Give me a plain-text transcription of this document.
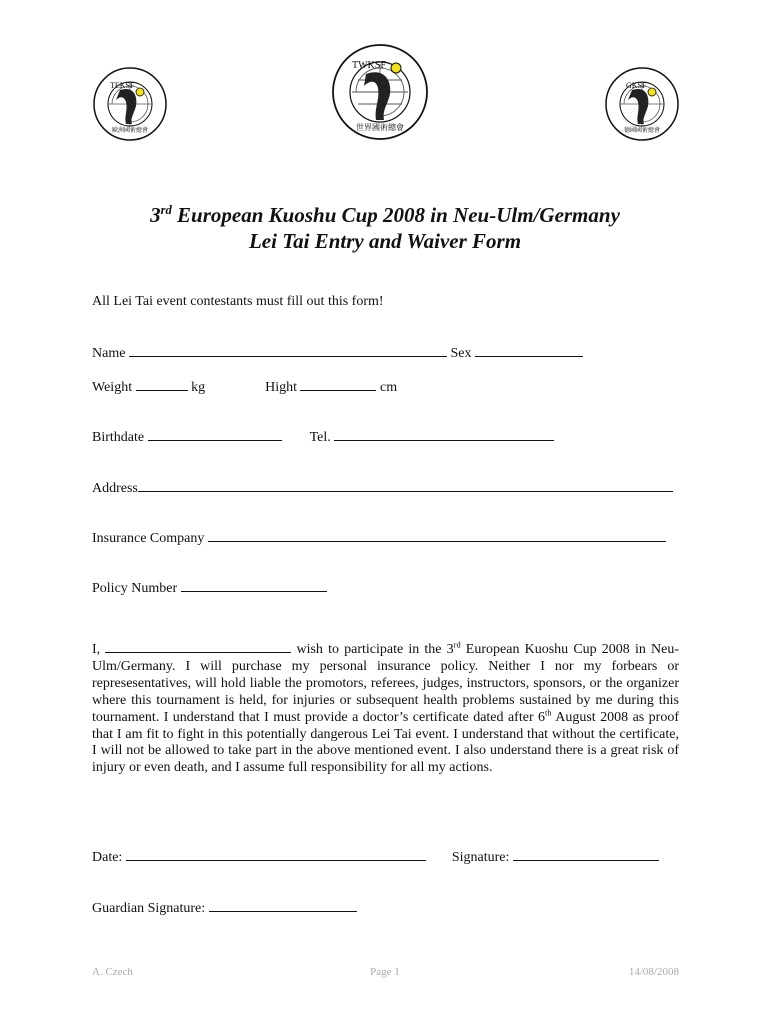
TEKSF
歐洲國術總會
TWKSF
世界國術總會
GKSF
德國國術總會
3rd European Kuoshu Cup 2008 in Neu-Ulm/Germany
Lei Tai Entry and Waiver Form
All Lei Tai event contestants must fill out this form!
Name	Sex
Weight	kg	Hight	cm
Birthdate	Tel.
Address
Insurance Company
Policy Number
I,	wish to participate in the 3rd European Kuoshu Cup 2008 in Neu-Ulm/Germany. I will purchase my personal insurance policy. Neither I nor my forbears or represesentatives, will hold liable the promotors, referees, judges, instructors, sponsors, or the organizer where this tournament is held, for injuries or subsequent health problems sustained by me during this tournament. I understand that I must provide a doctor’s certificate dated after 6th August 2008 as proof that I am fit to fight in this potentially dangerous Lei Tai event. I understand that without the certificate, I will not be allowed to take part in the above mentioned event. I also understand there is a great risk of injury or even death, and I assume full responsibility for all my actions.
Date:	Signature:
Guardian Signature:
A. Czech	Page 1	14/08/2008
